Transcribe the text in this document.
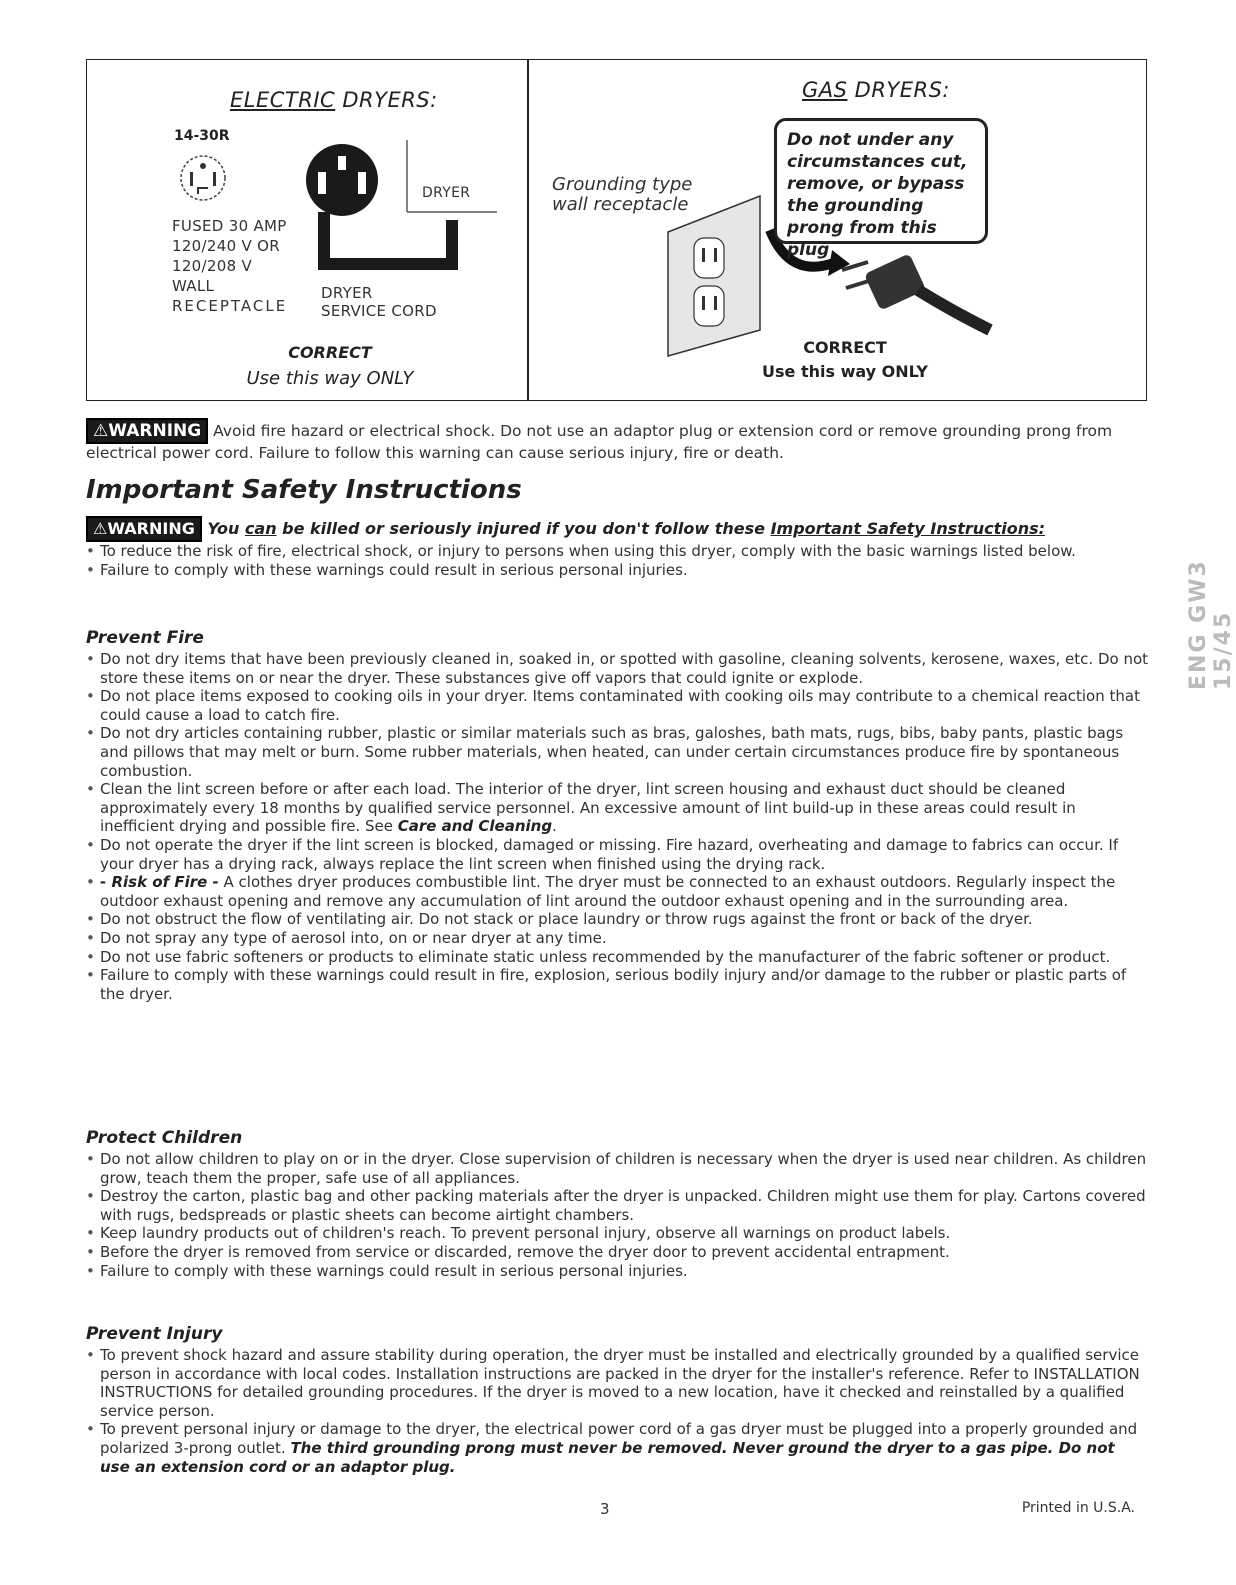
ELECTRIC DRYERS:
14-30R
DRYER
FUSED 30 AMP
120/240 V OR
120/208 V
WALL
RECEPTACLE
DRYER
SERVICE CORD
CORRECT
Use this way ONLY
GAS DRYERS:
Grounding type
wall receptacle
Do not under any circumstances cut, remove, or bypass the grounding prong from this plug
CORRECT
Use this way ONLY
⚠WARNING Avoid fire hazard or electrical shock. Do not use an adaptor plug or extension cord or remove grounding prong from electrical power cord. Failure to follow this warning can cause serious injury, fire or death.
Important Safety Instructions
⚠WARNING You can be killed or seriously injured if you don't follow these Important Safety Instructions:
• To reduce the risk of fire, electrical shock, or injury to persons when using this dryer, comply with the basic warnings listed below.
• Failure to comply with these warnings could result in serious personal injuries.
Prevent Fire
• Do not dry items that have been previously cleaned in, soaked in, or spotted with gasoline, cleaning solvents, kerosene, waxes, etc. Do not store these items on or near the dryer. These substances give off vapors that could ignite or explode.
• Do not place items exposed to cooking oils in your dryer. Items contaminated with cooking oils may contribute to a chemical reaction that could cause a load to catch fire.
• Do not dry articles containing rubber, plastic or similar materials such as bras, galoshes, bath mats, rugs, bibs, baby pants, plastic bags and pillows that may melt or burn. Some rubber materials, when heated, can under certain circumstances produce fire by spontaneous combustion.
• Clean the lint screen before or after each load. The interior of the dryer, lint screen housing and exhaust duct should be cleaned approximately every 18 months by qualified service personnel. An excessive amount of lint build-up in these areas could result in inefficient drying and possible fire. See Care and Cleaning.
• Do not operate the dryer if the lint screen is blocked, damaged or missing. Fire hazard, overheating and damage to fabrics can occur. If your dryer has a drying rack, always replace the lint screen when finished using the drying rack.
• - Risk of Fire - A clothes dryer produces combustible lint. The dryer must be connected to an exhaust outdoors. Regularly inspect the outdoor exhaust opening and remove any accumulation of lint around the outdoor exhaust opening and in the surrounding area.
• Do not obstruct the flow of ventilating air. Do not stack or place laundry or throw rugs against the front or back of the dryer.
• Do not spray any type of aerosol into, on or near dryer at any time.
• Do not use fabric softeners or products to eliminate static unless recommended by the manufacturer of the fabric softener or product.
• Failure to comply with these warnings could result in fire, explosion, serious bodily injury and/or damage to the rubber or plastic parts of the dryer.
Protect Children
• Do not allow children to play on or in the dryer. Close supervision of children is necessary when the dryer is used near children. As children grow, teach them the proper, safe use of all appliances.
• Destroy the carton, plastic bag and other packing materials after the dryer is unpacked. Children might use them for play. Cartons covered with rugs, bedspreads or plastic sheets can become airtight chambers.
• Keep laundry products out of children's reach. To prevent personal injury, observe all warnings on product labels.
• Before the dryer is removed from service or discarded, remove the dryer door to prevent accidental entrapment.
• Failure to comply with these warnings could result in serious personal injuries.
Prevent Injury
• To prevent shock hazard and assure stability during operation, the dryer must be installed and electrically grounded by a qualified service person in accordance with local codes. Installation instructions are packed in the dryer for the installer's reference. Refer to INSTALLATION INSTRUCTIONS for detailed grounding procedures. If the dryer is moved to a new location, have it checked and reinstalled by a qualified service person.
• To prevent personal injury or damage to the dryer, the electrical power cord of a gas dryer must be plugged into a properly grounded and polarized 3-prong outlet. The third grounding prong must never be removed. Never ground the dryer to a gas pipe. Do not use an extension cord or an adaptor plug.
ENG GW3 15/45
3	Printed in U.S.A.
